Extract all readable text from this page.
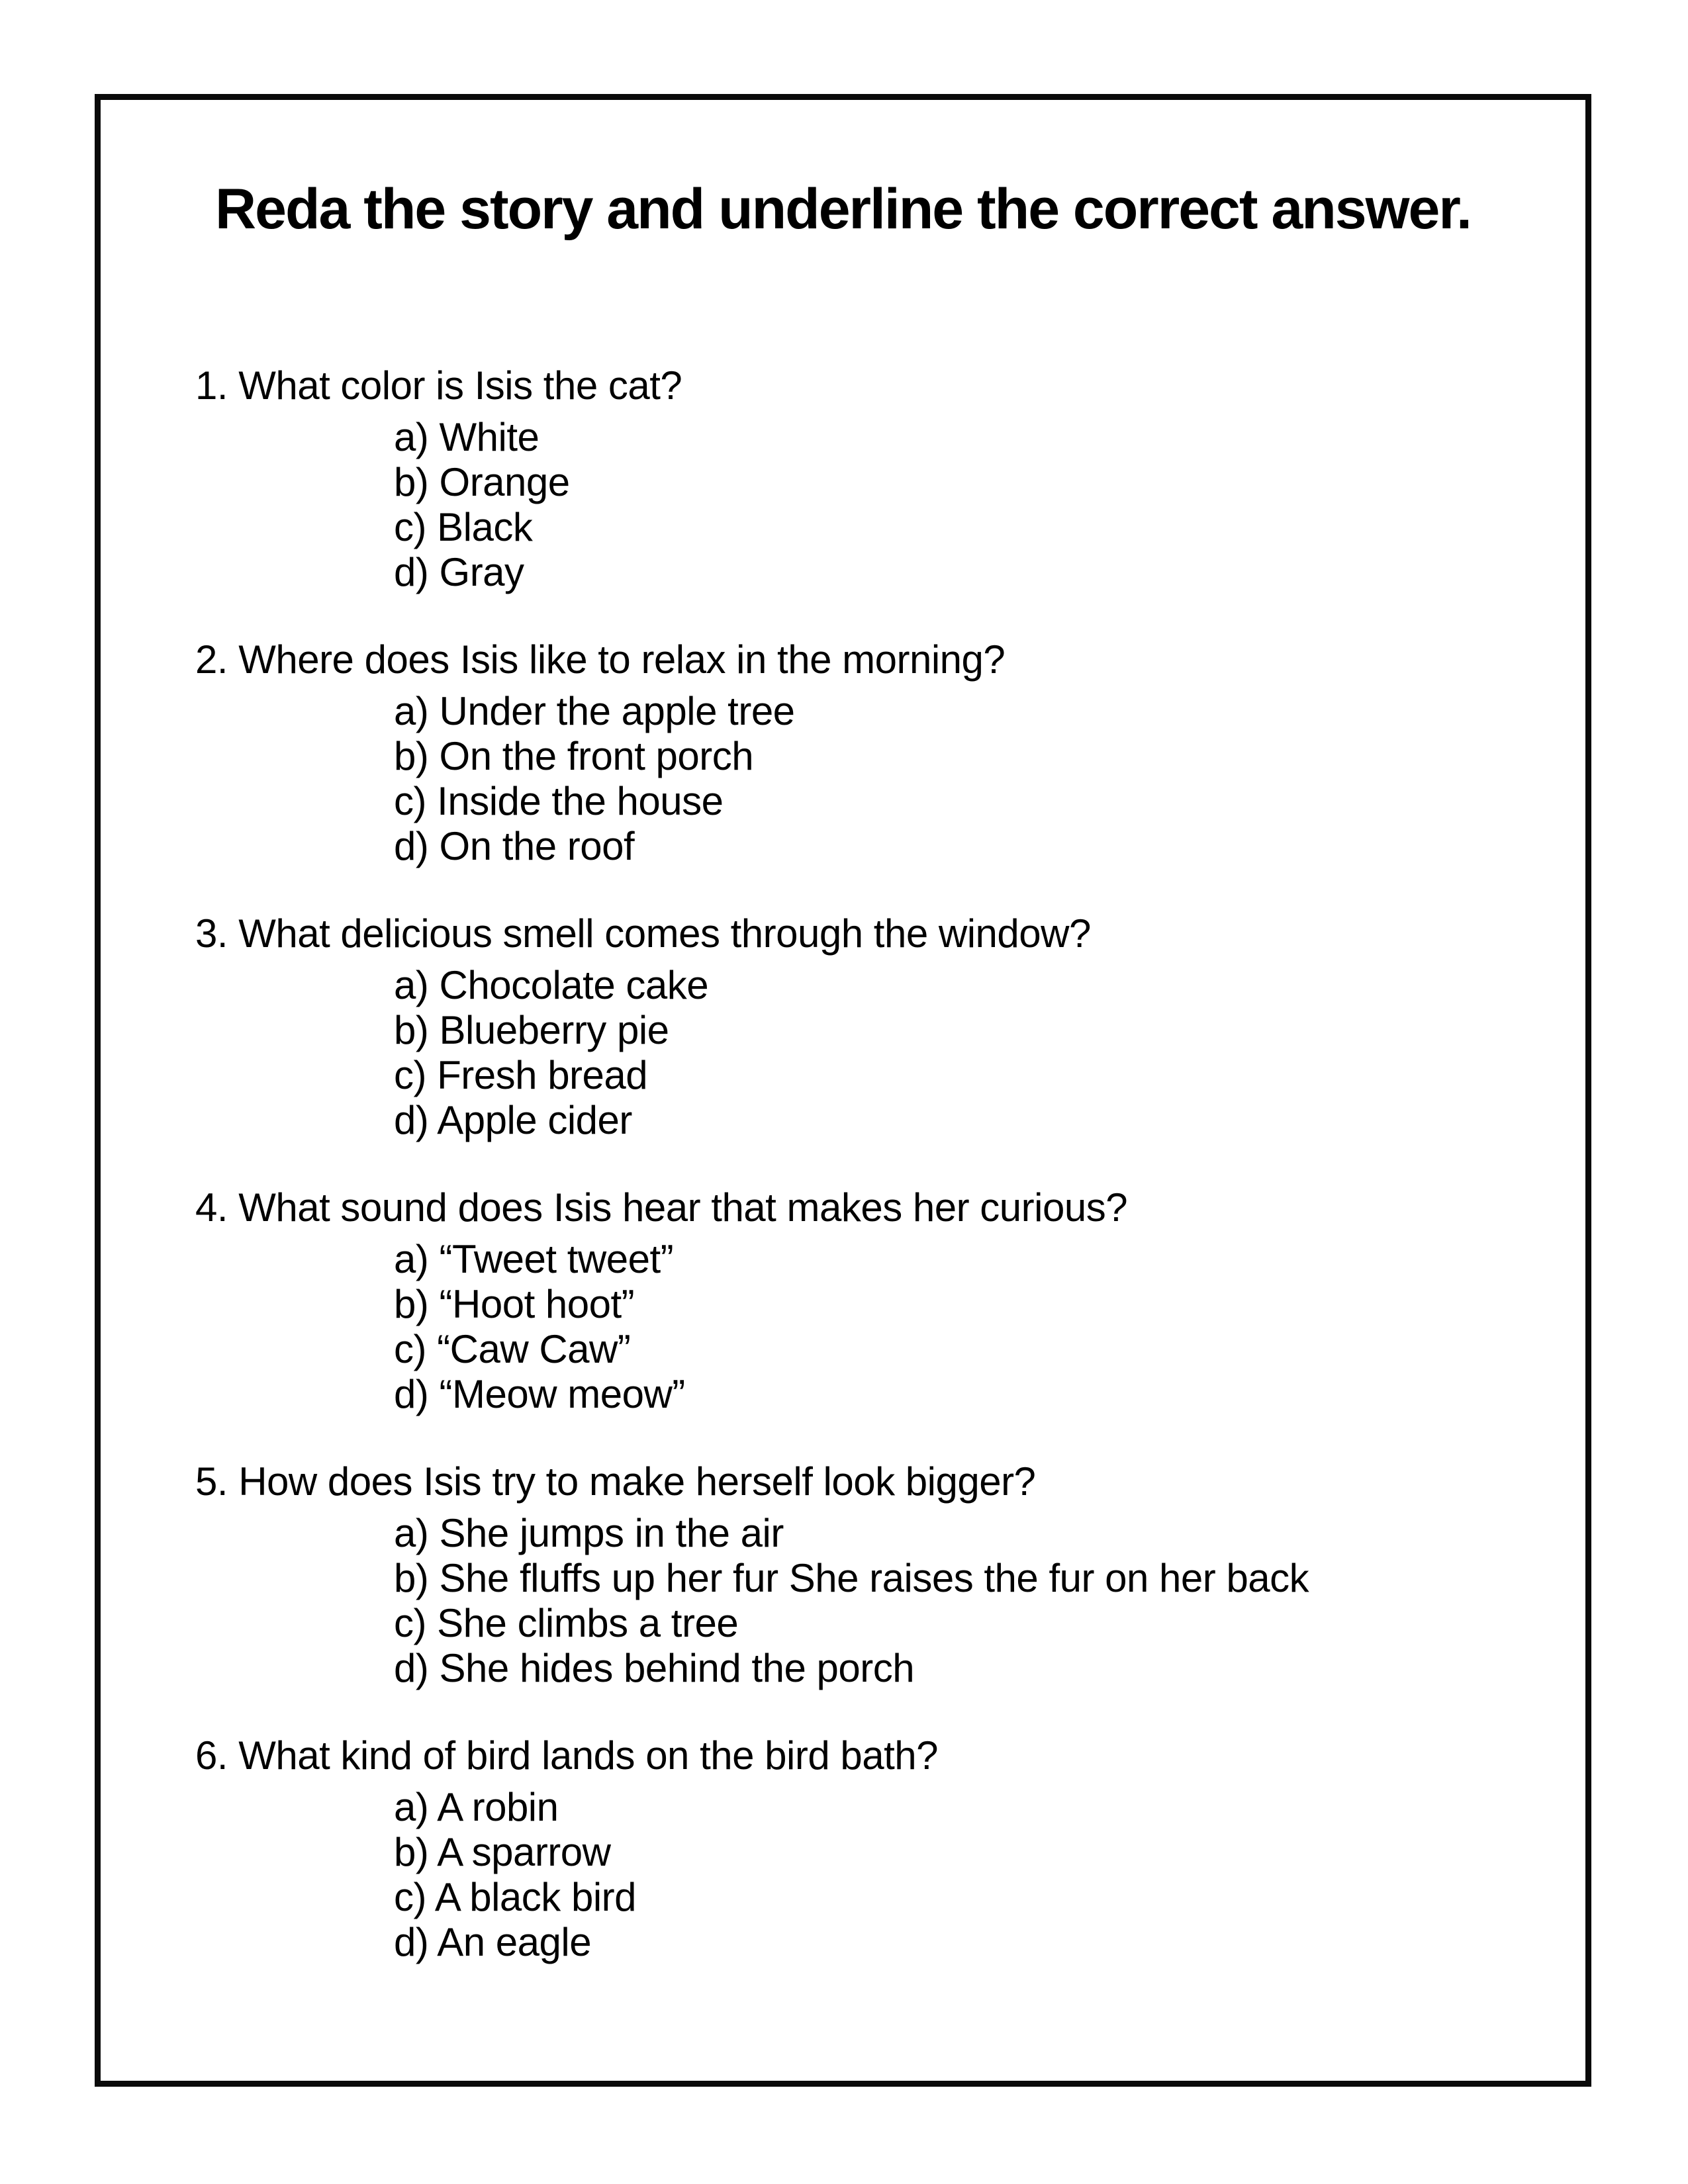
Reda the story and underline the correct answer.

1. What color is Isis the cat?

a) White
b) Orange
c) Black
d) Gray

2. Where does Isis like to relax in the morning?

a) Under the apple tree
b) On the front porch
c) Inside the house
d) On the roof

3. What delicious smell comes through the window?

a) Chocolate cake
b) Blueberry pie
c) Fresh bread
d) Apple cider

4. What sound does Isis hear that makes her curious?

a) “Tweet tweet”
b) “Hoot hoot”
c) “Caw Caw”
d) “Meow meow”

5. How does Isis try to make herself look bigger?

a) She jumps in the air
b) She fluffs up her fur She raises the fur on her back
c) She climbs a tree
d) She hides behind the porch

6. What kind of bird lands on the bird bath?

a) A robin
b) A sparrow
c) A black bird
d) An eagle
